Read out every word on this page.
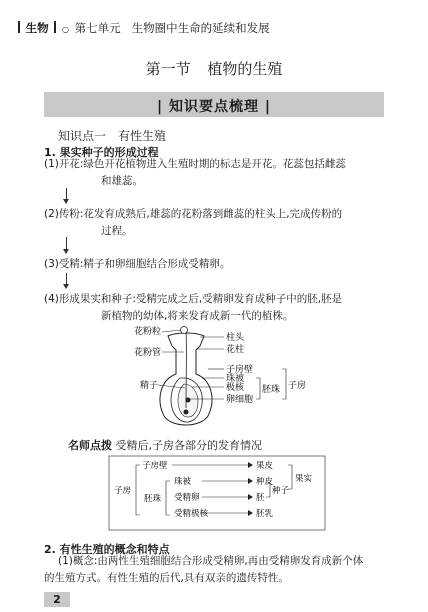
生物 ○ 第七单元 生物圈中生命的延续和发展
第一节 植物的生殖
| 知识要点梳理 |
知识点一　有性生殖
1. 果实种子的形成过程
(1)开花:绿色开花植物进入生殖时期的标志是开花。花蕊包括雌蕊
和雄蕊。
(2)传粉:花发育成熟后,雄蕊的花粉落到雌蕊的柱头上,完成传粉的
过程。
(3)受精:精子和卵细胞结合形成受精卵。
(4)形成果实和种子:受精完成之后,受精卵发育成种子中的胚,胚是
新植物的幼体,将来发育成新一代的植株。
花粉粒
花粉管
精子
柱头
花柱
子房壁
珠被
极核
卵细胞
胚珠 子房
名师点拨 受精后,子房各部分的发育情况
子房
子房壁	果皮
胚珠
珠被	种皮
受精卵	胚
种子
受精极核	胚乳
果实
2. 有性生殖的概念和特点
(1)概念:由两性生殖细胞结合形成受精卵,再由受精卵发育成新个体
的生殖方式。有性生殖的后代,具有双亲的遗传特性。
2
